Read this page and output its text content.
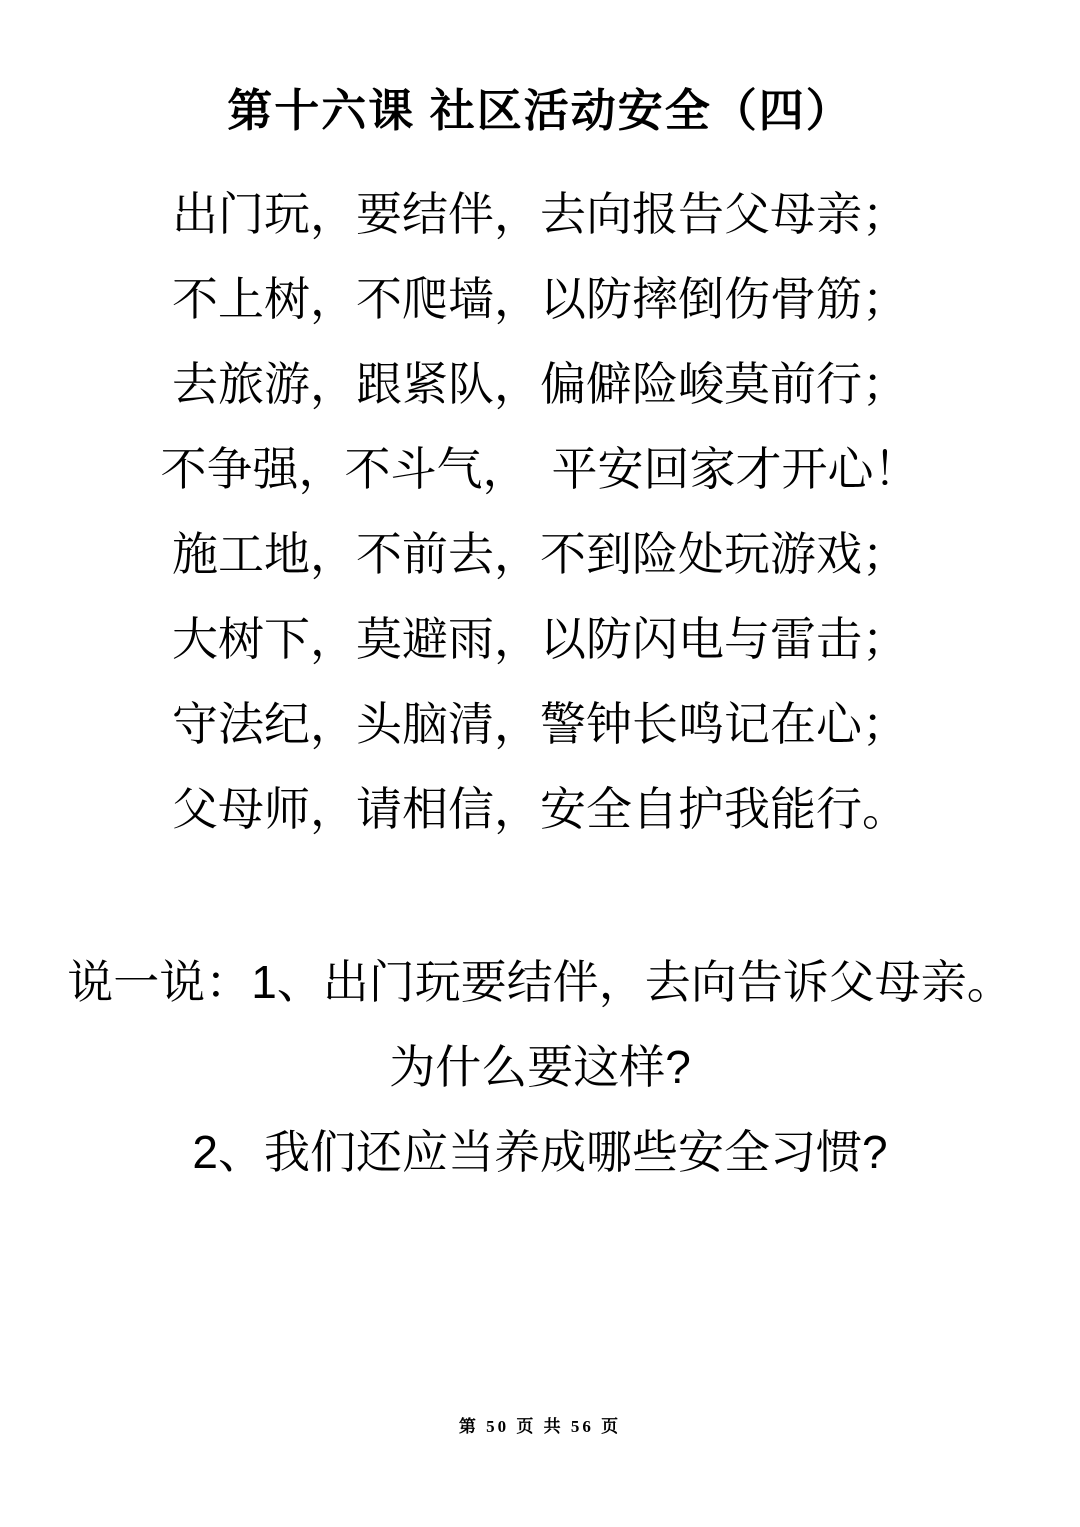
第十六课 社区活动安全（四）

出门玩，要结伴，去向报告父母亲；

不上树，不爬墙，以防摔倒伤骨筋；

去旅游，跟紧队，偏僻险峻莫前行；

不争强，不斗气，　平安回家才开心！

施工地，不前去，不到险处玩游戏；

大树下，莫避雨，以防闪电与雷击；

守法纪，头脑清，警钟长鸣记在心；

父母师，请相信，安全自护我能行。

说一说：1、出门玩要结伴，去向告诉父母亲。

为什么要这样?

2、我们还应当养成哪些安全习惯?

第 50 页 共 56 页
